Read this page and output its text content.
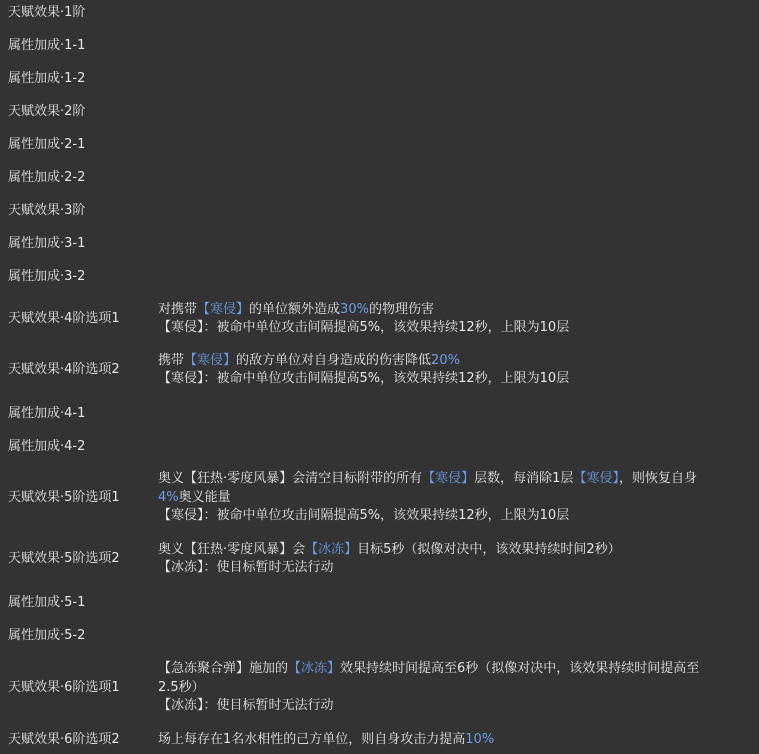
天赋效果·1阶
属性加成·1-1
属性加成·1-2
天赋效果·2阶
属性加成·2-1
属性加成·2-2
天赋效果·3阶
属性加成·3-1
属性加成·3-2
天赋效果·4阶选项1
对携带【寒侵】的单位额外造成30%的物理伤害
【寒侵】：被命中单位攻击间隔提高5%，该效果持续12秒，上限为10层
天赋效果·4阶选项2
携带【寒侵】的敌方单位对自身造成的伤害降低20%
【寒侵】：被命中单位攻击间隔提高5%，该效果持续12秒，上限为10层
属性加成·4-1
属性加成·4-2
天赋效果·5阶选项1
奥义【狂热·零度风暴】会清空目标附带的所有【寒侵】层数，每消除1层【寒侵】，则恢复自身
4%奥义能量
【寒侵】：被命中单位攻击间隔提高5%，该效果持续12秒，上限为10层
天赋效果·5阶选项2
奥义【狂热·零度风暴】会【冰冻】目标5秒（拟像对决中，该效果持续时间2秒）
【冰冻】：使目标暂时无法行动
属性加成·5-1
属性加成·5-2
天赋效果·6阶选项1
【急冻聚合弹】施加的【冰冻】效果持续时间提高至6秒（拟像对决中，该效果持续时间提高至
2.5秒）
【冰冻】：使目标暂时无法行动
天赋效果·6阶选项2	场上每存在1名水相性的己方单位，则自身攻击力提高10%
